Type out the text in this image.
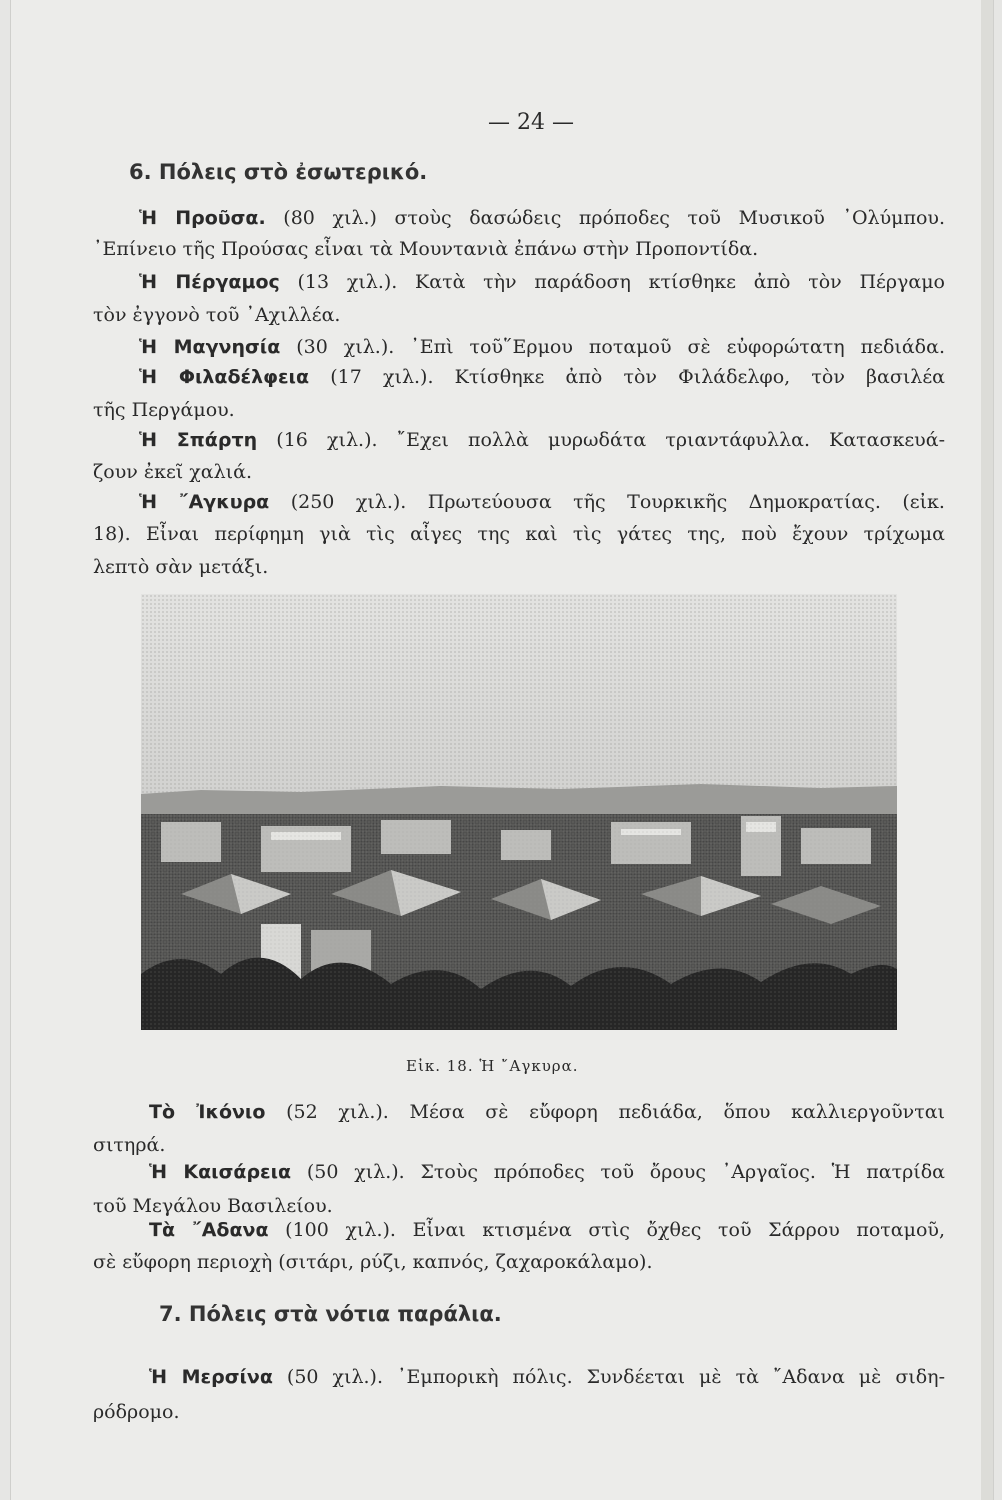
— 24 —
6. Πόλεις στὸ ἐσωτερικό.
Ἡ Προῦσα. (80 χιλ.) στοὺς δασώδεις πρόποδες τοῦ Μυσικοῦ ᾿Ολύμπου.
᾿Επίνειο τῆς Προύσας εἶναι τὰ Μουντανιὰ ἐπάνω στὴν Προποντίδα.
Ἡ Πέργαμος (13 χιλ.). Κατὰ τὴν παράδοση κτίσθηκε ἀπὸ τὸν Πέργαμο
τὸν ἐγγονὸ τοῦ ᾿Αχιλλέα.
Ἡ Μαγνησία (30 χιλ.). ᾿Επὶ τοῦ῞Ερμου ποταμοῦ σὲ εὐφορώτατη πεδιάδα.
Ἡ Φιλαδέλφεια (17 χιλ.). Κτίσθηκε ἀπὸ τὸν Φιλάδελφο, τὸν βασιλέα
τῆς Περγάμου.
Ἡ Σπάρτη (16 χιλ.). ῎Εχει πολλὰ μυρωδάτα τριαντάφυλλα. Κατασκευά-
ζουν ἐκεῖ χαλιά.
Ἡ ῎Αγκυρα (250 χιλ.). Πρωτεύουσα τῆς Τουρκικῆς Δημοκρατίας. (εἰκ.
18). Εἶναι περίφημη γιὰ τὶς αἶγες της καὶ τὶς γάτες της, ποὺ ἔχουν τρίχωμα
λεπτὸ σὰν μετάξι.
Εἰκ. 18. Ἡ ῎Αγκυρα.
Τὸ Ἰκόνιο (52 χιλ.). Μέσα σὲ εὔφορη πεδιάδα, ὅπου καλλιεργοῦνται
σιτηρά.
Ἡ Καισάρεια (50 χιλ.). Στοὺς πρόποδες τοῦ ὄρους ᾿Αργαῖος. Ἡ πατρίδα
τοῦ Μεγάλου Βασιλείου.
Τὰ ῎Αδανα (100 χιλ.). Εἶναι κτισμένα στὶς ὄχθες τοῦ Σάρρου ποταμοῦ,
σὲ εὔφορη περιοχὴ (σιτάρι, ρύζι, καπνός, ζαχαροκάλαμο).
7. Πόλεις στὰ νότια παράλια.
Ἡ Μερσίνα (50 χιλ.). ᾿Εμπορικὴ πόλις. Συνδέεται μὲ τὰ ῎Αδανα μὲ σιδη-
ρόδρομο.
